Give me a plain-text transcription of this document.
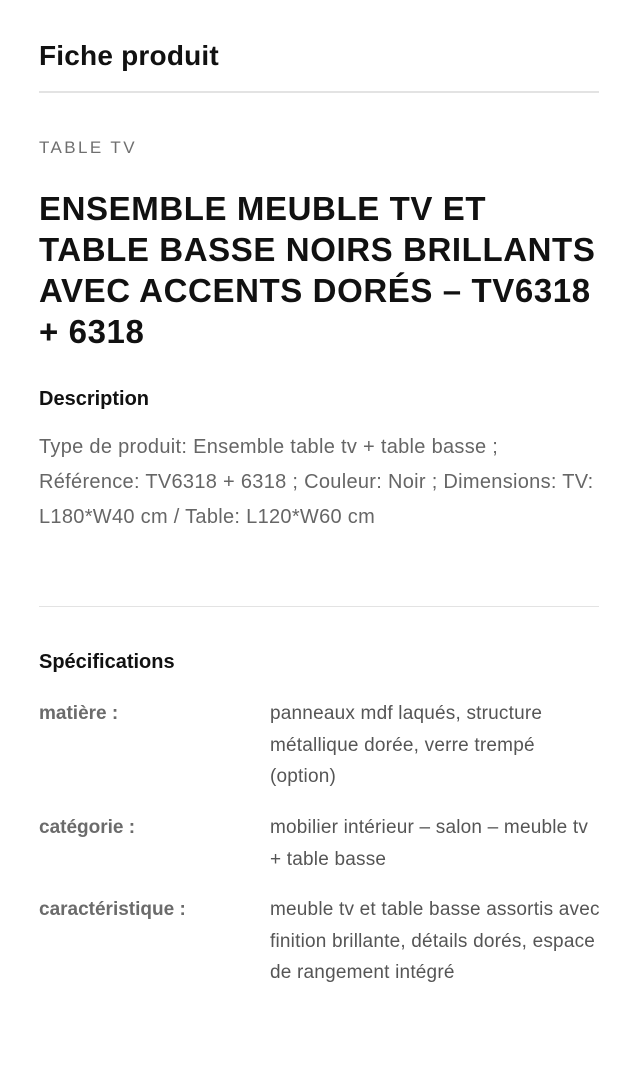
Fiche produit
TABLE TV
ENSEMBLE MEUBLE TV ET TABLE BASSE NOIRS BRILLANTS AVEC ACCENTS DORÉS – TV6318 + 6318
Description

Type de produit: Ensemble table tv + table basse ; Référence: TV6318 + 6318 ; Couleur: Noir ; Dimensions: TV: L180*W40 cm / Table: L120*W60 cm

Spécifications
matière :	panneaux mdf laqués, structure métallique dorée, verre trempé (option)
catégorie :	mobilier intérieur – salon – meuble tv + table basse
caractéristique :	meuble tv et table basse assortis avec finition brillante, détails dorés, espace de rangement intégré
